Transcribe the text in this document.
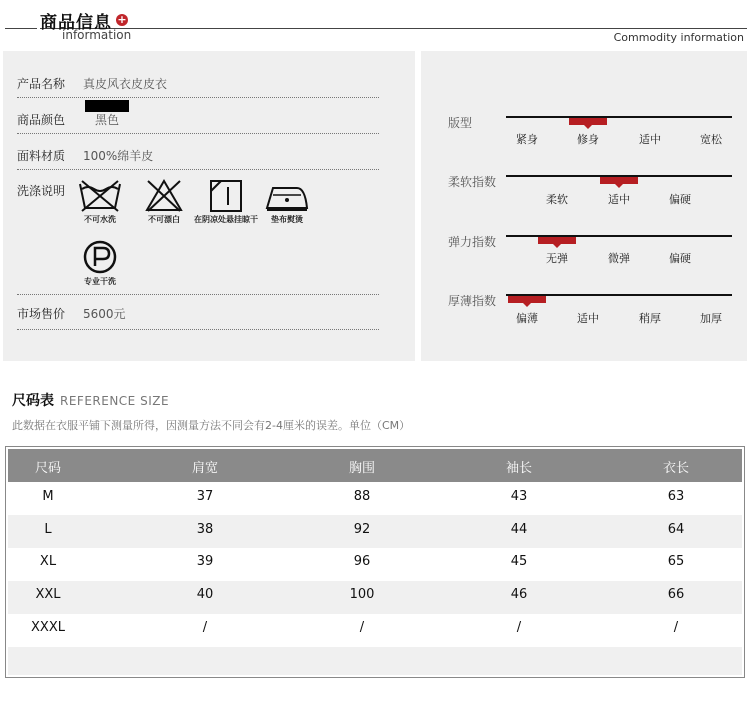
商品信息 +
information	Commodity information
产品名称 真皮风衣皮皮衣
商品颜色 黑色
面料材质 100%绵羊皮
洗涤说明
不可水洗	不可漂白	在阴凉处悬挂晾干	垫布熨烫
专业干洗
市场售价 5600元
版型
紧身	修身	适中	宽松
柔软指数
柔软	适中	偏硬
弹力指数
无弹	微弹	偏硬
厚薄指数
偏薄	适中	稍厚	加厚
尺码表 REFERENCE SIZE
此数据在衣服平铺下测量所得，因测量方法不同会有2-4厘米的误差。单位（CM）
尺码	肩宽	胸围	袖长	衣长
M	37	88	43	63
L	38	92	44	64
XL	39	96	45	65
XXL	40	100	46	66
XXXL	/	/	/	/
